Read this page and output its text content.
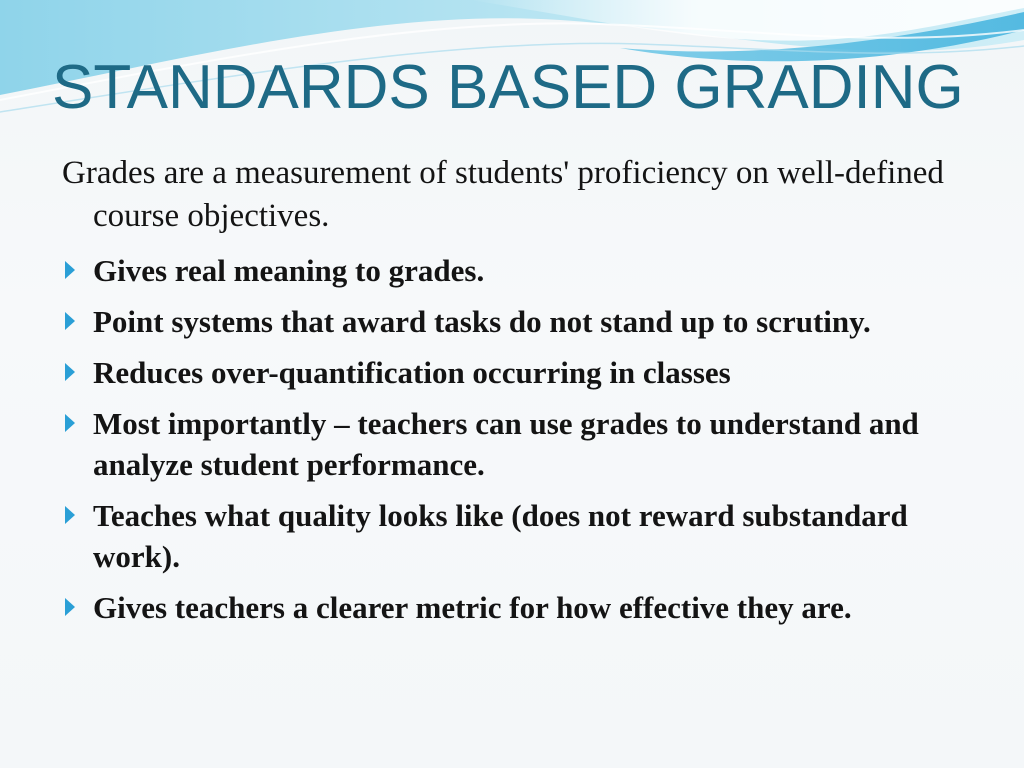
STANDARDS BASED GRADING

Grades are a measurement of students' proficiency on well-defined course objectives.

Gives real meaning to grades.
Point systems that award tasks do not stand up to scrutiny.
Reduces over-quantification occurring in classes
Most importantly – teachers can use grades to understand and analyze student performance.
Teaches what quality looks like (does not reward substandard work).
Gives teachers a clearer metric for how effective they are.
